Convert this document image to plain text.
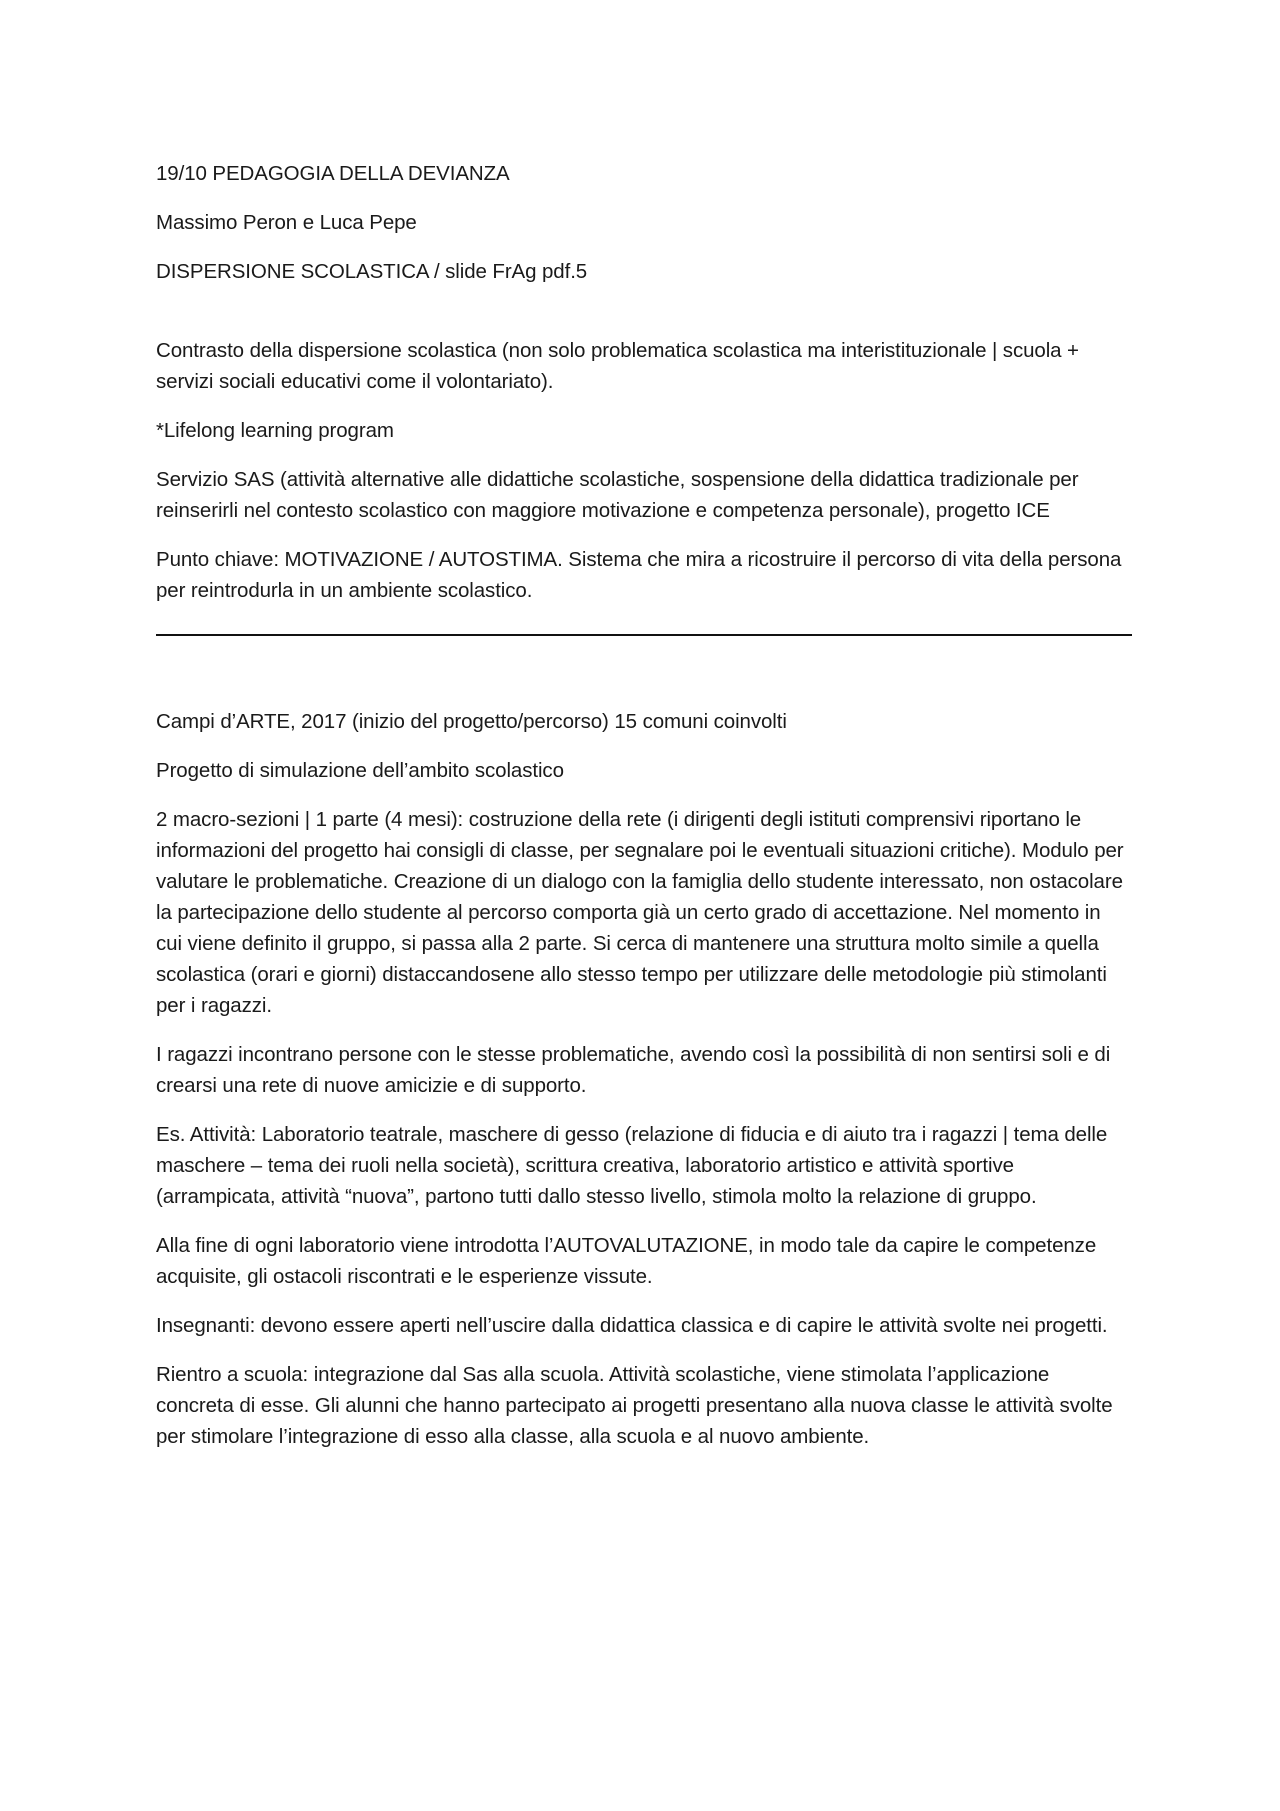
19/10 PEDAGOGIA DELLA DEVIANZA

Massimo Peron e Luca Pepe

DISPERSIONE SCOLASTICA / slide FrAg pdf.5

Contrasto della dispersione scolastica (non solo problematica scolastica ma interistituzionale | scuola + servizi sociali educativi come il volontariato).

*Lifelong learning program

Servizio SAS (attività alternative alle didattiche scolastiche, sospensione della didattica tradizionale per reinserirli nel contesto scolastico con maggiore motivazione e competenza personale), progetto ICE

Punto chiave: MOTIVAZIONE / AUTOSTIMA. Sistema che mira a ricostruire il percorso di vita della persona per reintrodurla in un ambiente scolastico.

Campi d’ARTE, 2017 (inizio del progetto/percorso) 15 comuni coinvolti

Progetto di simulazione dell’ambito scolastico

2 macro-sezioni | 1 parte (4 mesi): costruzione della rete (i dirigenti degli istituti comprensivi riportano le informazioni del progetto hai consigli di classe, per segnalare poi le eventuali situazioni critiche). Modulo per valutare le problematiche. Creazione di un dialogo con la famiglia dello studente interessato, non ostacolare la partecipazione dello studente al percorso comporta già un certo grado di accettazione. Nel momento in cui viene definito il gruppo, si passa alla 2 parte. Si cerca di mantenere una struttura molto simile a quella scolastica (orari e giorni) distaccandosene allo stesso tempo per utilizzare delle metodologie più stimolanti per i ragazzi.

I ragazzi incontrano persone con le stesse problematiche, avendo così la possibilità di non sentirsi soli e di crearsi una rete di nuove amicizie e di supporto.

Es. Attività: Laboratorio teatrale, maschere di gesso (relazione di fiducia e di aiuto tra i ragazzi | tema delle maschere – tema dei ruoli nella società), scrittura creativa, laboratorio artistico e attività sportive (arrampicata, attività “nuova”, partono tutti dallo stesso livello, stimola molto la relazione di gruppo.

Alla fine di ogni laboratorio viene introdotta l’AUTOVALUTAZIONE, in modo tale da capire le competenze acquisite, gli ostacoli riscontrati e le esperienze vissute.

Insegnanti: devono essere aperti nell’uscire dalla didattica classica e di capire le attività svolte nei progetti.

Rientro a scuola: integrazione dal Sas alla scuola. Attività scolastiche, viene stimolata l’applicazione concreta di esse. Gli alunni che hanno partecipato ai progetti presentano alla nuova classe le attività svolte per stimolare l’integrazione di esso alla classe, alla scuola e al nuovo ambiente.
